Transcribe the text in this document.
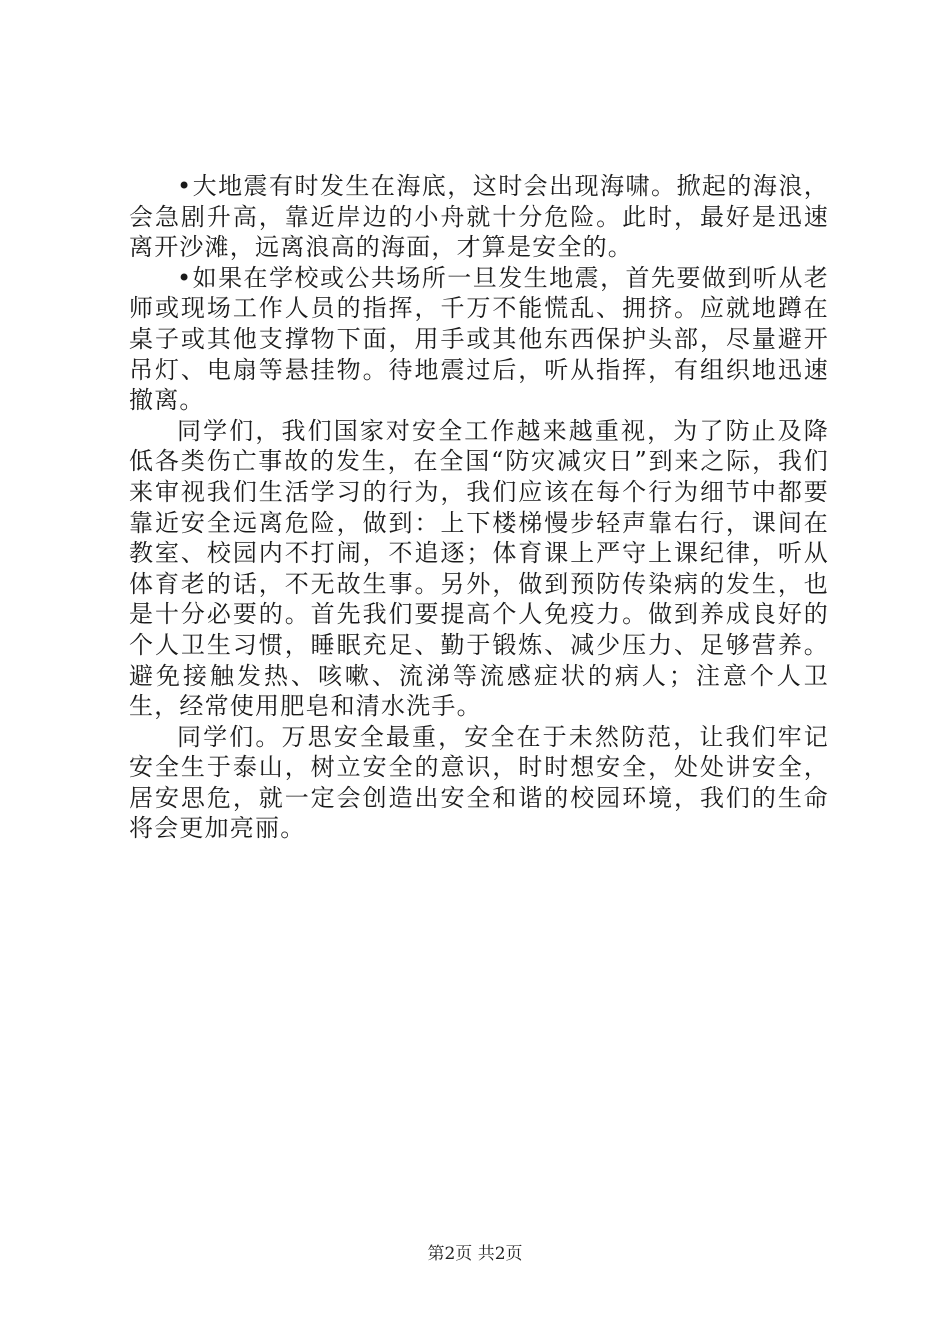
•大地震有时发生在海底，这时会出现海啸。掀起的海浪，会急剧升高，靠近岸边的小舟就十分危险。此时，最好是迅速离开沙滩，远离浪高的海面，才算是安全的。

•如果在学校或公共场所一旦发生地震，首先要做到听从老师或现场工作人员的指挥，千万不能慌乱、拥挤。应就地蹲在桌子或其他支撑物下面，用手或其他东西保护头部，尽量避开吊灯、电扇等悬挂物。待地震过后，听从指挥，有组织地迅速撤离。

同学们，我们国家对安全工作越来越重视，为了防止及降低各类伤亡事故的发生，在全国“防灾减灾日”到来之际，我们来审视我们生活学习的行为，我们应该在每个行为细节中都要靠近安全远离危险，做到：上下楼梯慢步轻声靠右行，课间在教室、校园内不打闹，不追逐；体育课上严守上课纪律，听从体育老的话，不无故生事。另外，做到预防传染病的发生，也是十分必要的。首先我们要提高个人免疫力。做到养成良好的个人卫生习惯，睡眠充足、勤于锻炼、减少压力、足够营养。避免接触发热、咳嗽、流涕等流感症状的病人；注意个人卫生，经常使用肥皂和清水洗手。

同学们。万思安全最重，安全在于未然防范，让我们牢记安全生于泰山，树立安全的意识，时时想安全，处处讲安全，居安思危，就一定会创造出安全和谐的校园环境，我们的生命将会更加亮丽。

第2页 共2页
